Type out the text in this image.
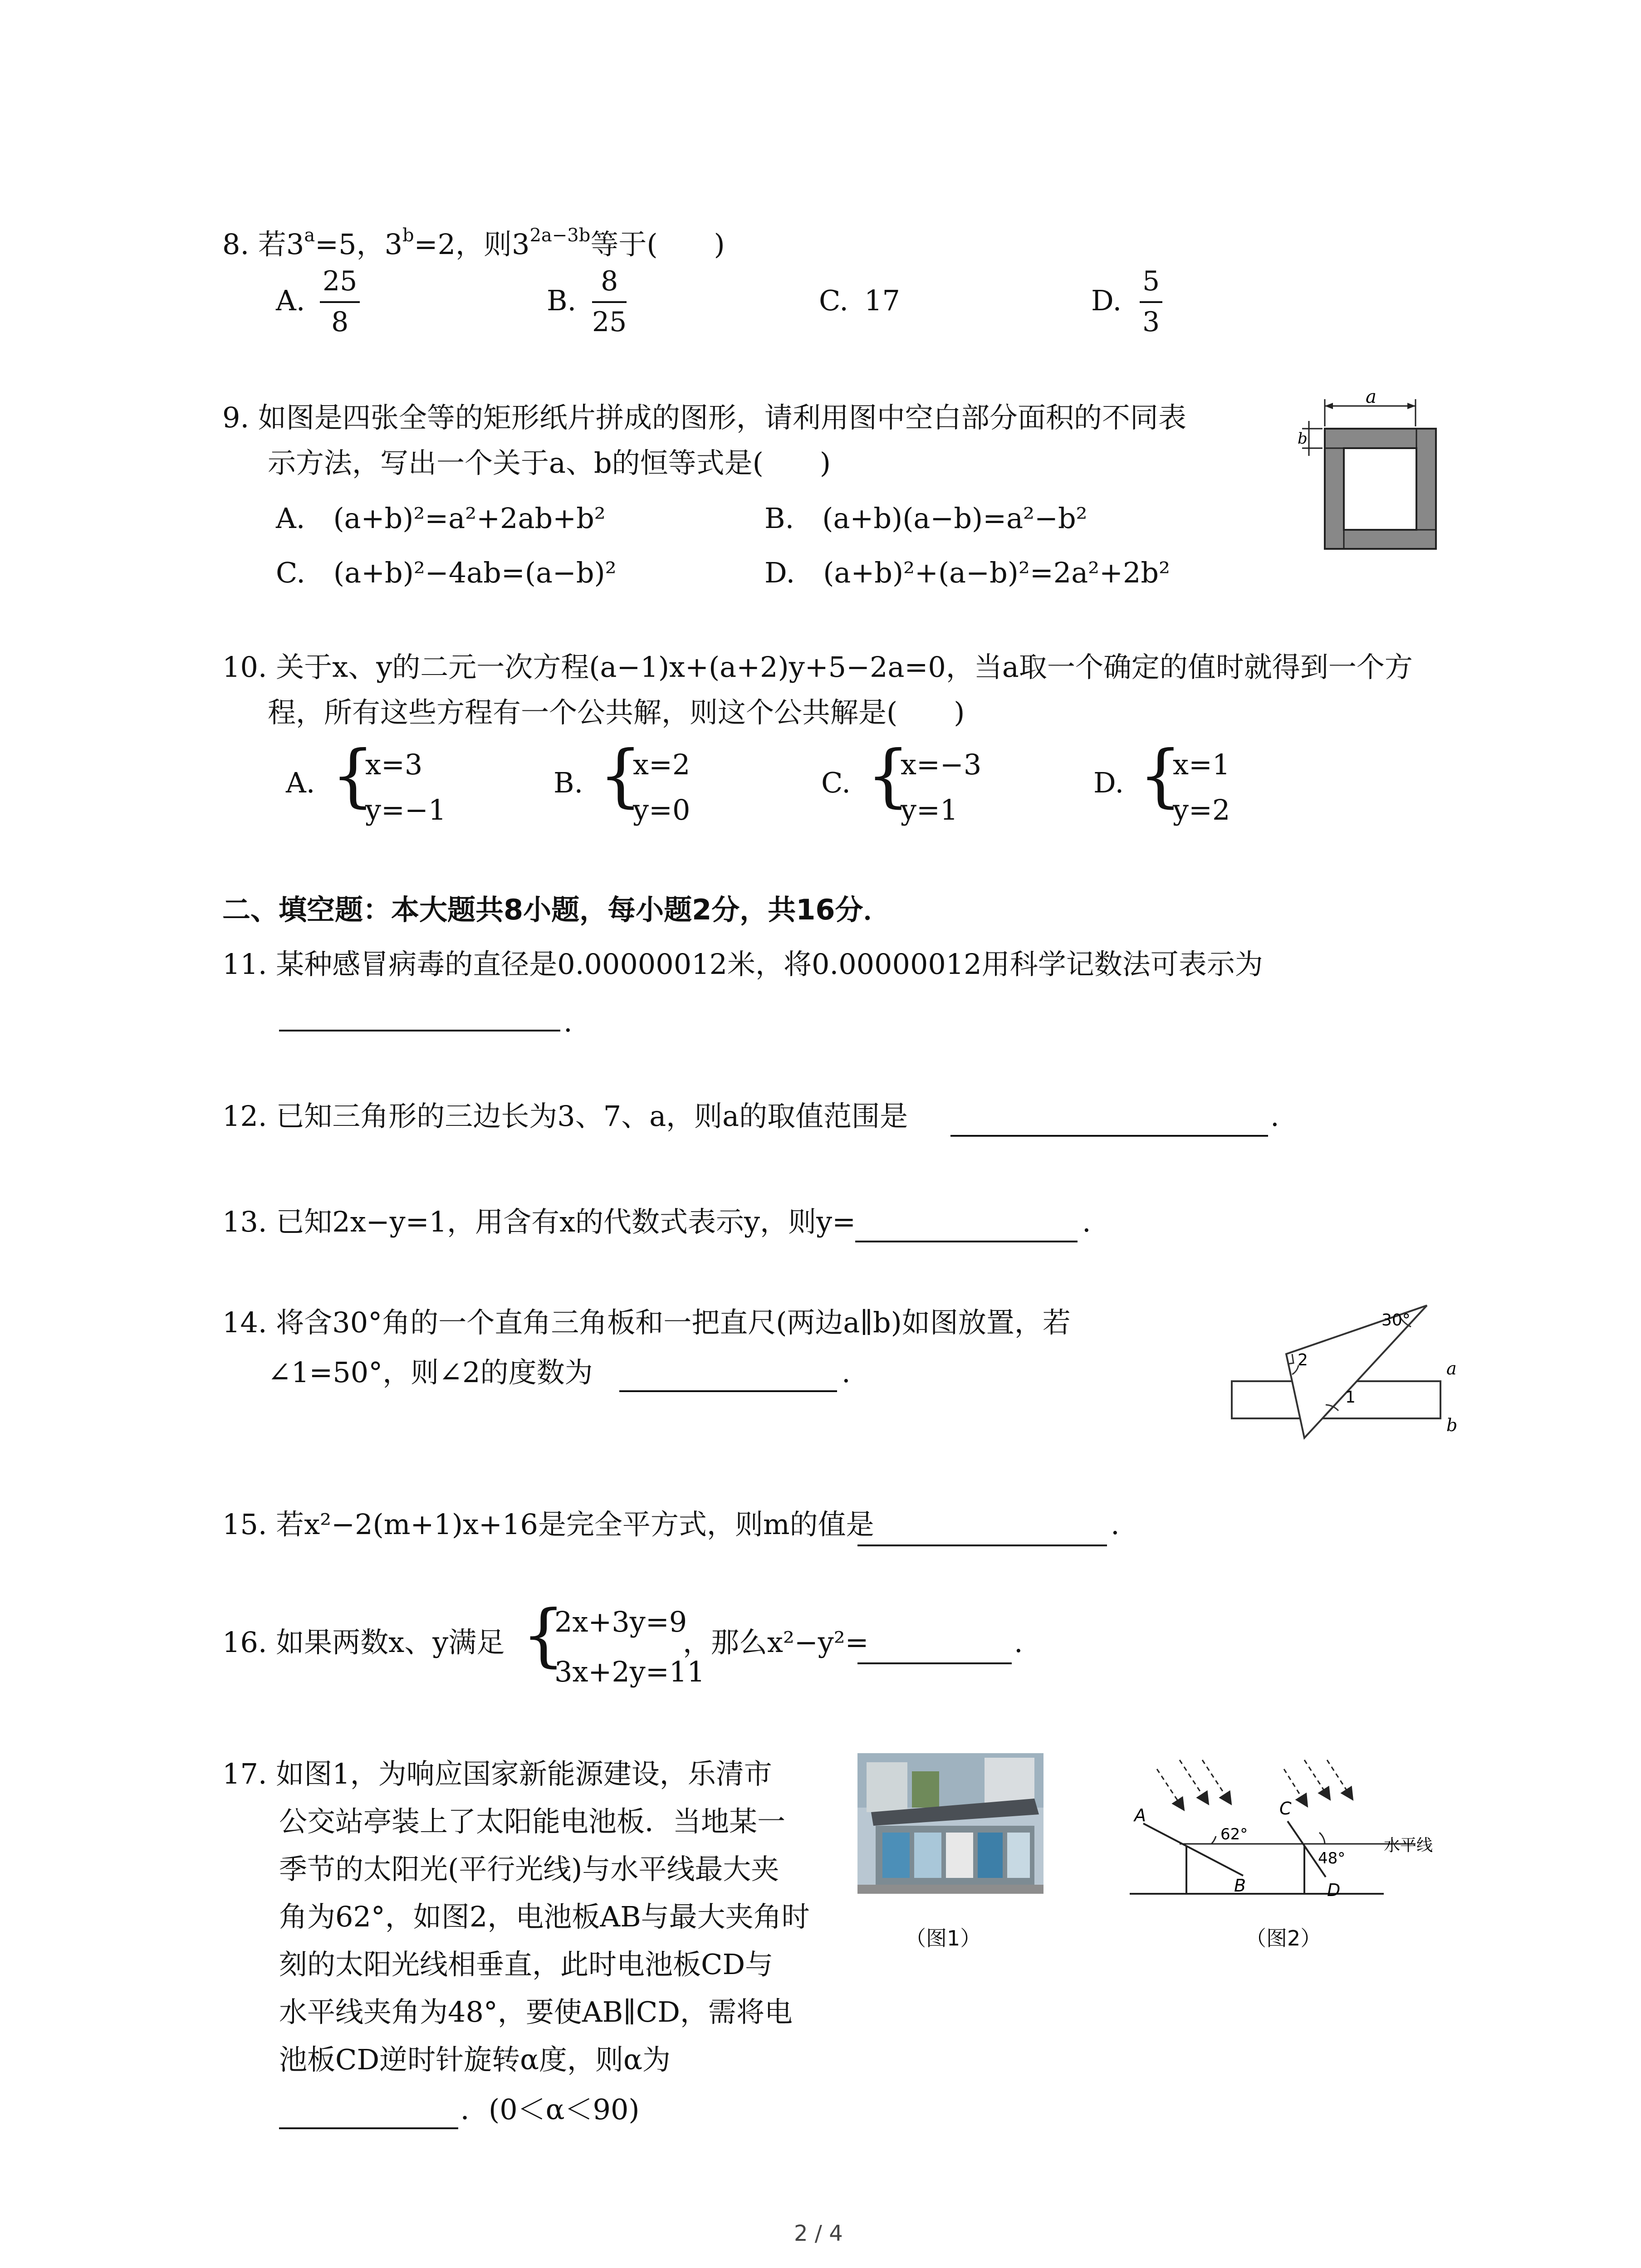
8. 若$3^a=5$，$3^b=2$，则$3^{2a-3b}$等于(　　)
A. $\frac{25}{8}$	B. $\frac{8}{25}$	C. 17	D. $\frac{5}{3}$
9. 如图是四张全等的矩形纸片拼成的图形，请利用图中空白部分面积的不同表
示方法，写出一个关于a、b的恒等式是(　　)
A.　(a+b)²=a²+2ab+b²	B.　(a+b)(a−b)=a²−b²
C.　(a+b)²−4ab=(a−b)²	D.　(a+b)²+(a−b)²=2a²+2b²
a
b
10. 关于x、y的二元一次方程(a−1)x+(a+2)y+5−2a=0，当a取一个确定的值时就得到一个方
程，所有这些方程有一个公共解，则这个公共解是(　　)
A. {
x=3
y=−1
B. {
x=2
y=0
C. {
x=−3
y=1
D. {
x=1
y=2
二、填空题：本大题共8小题，每小题2分，共16分．
11. 某种感冒病毒的直径是0.00000012米，将0.00000012用科学记数法可表示为
.
12. 已知三角形的三边长为3、7、a，则a的取值范围是	.
13. 已知2x−y=1，用含有x的代数式表示y，则y=	.
14. 将含30°角的一个直角三角板和一把直尺(两边a∥b)如图放置，若
∠1=50°，则∠2的度数为	.
30°
2
1
a
b
15. 若x²−2(m+1)x+16是完全平方式，则m的值是	.
16. 如果两数x、y满足 {
2x+3y=9
3x+2y=11
，那么x²−y²=	.
17. 如图1，为响应国家新能源建设，乐清市
公交站亭装上了太阳能电池板．当地某一
季节的太阳光(平行光线)与水平线最大夹
角为62°，如图2，电池板AB与最大夹角时
刻的太阳光线相垂直，此时电池板CD与
水平线夹角为48°，要使AB∥CD，需将电
池板CD逆时针旋转α度，则α为
．(0＜α＜90)
（图1）
A
B
C
D
62°
48°
水平线
（图2）
2 / 4
